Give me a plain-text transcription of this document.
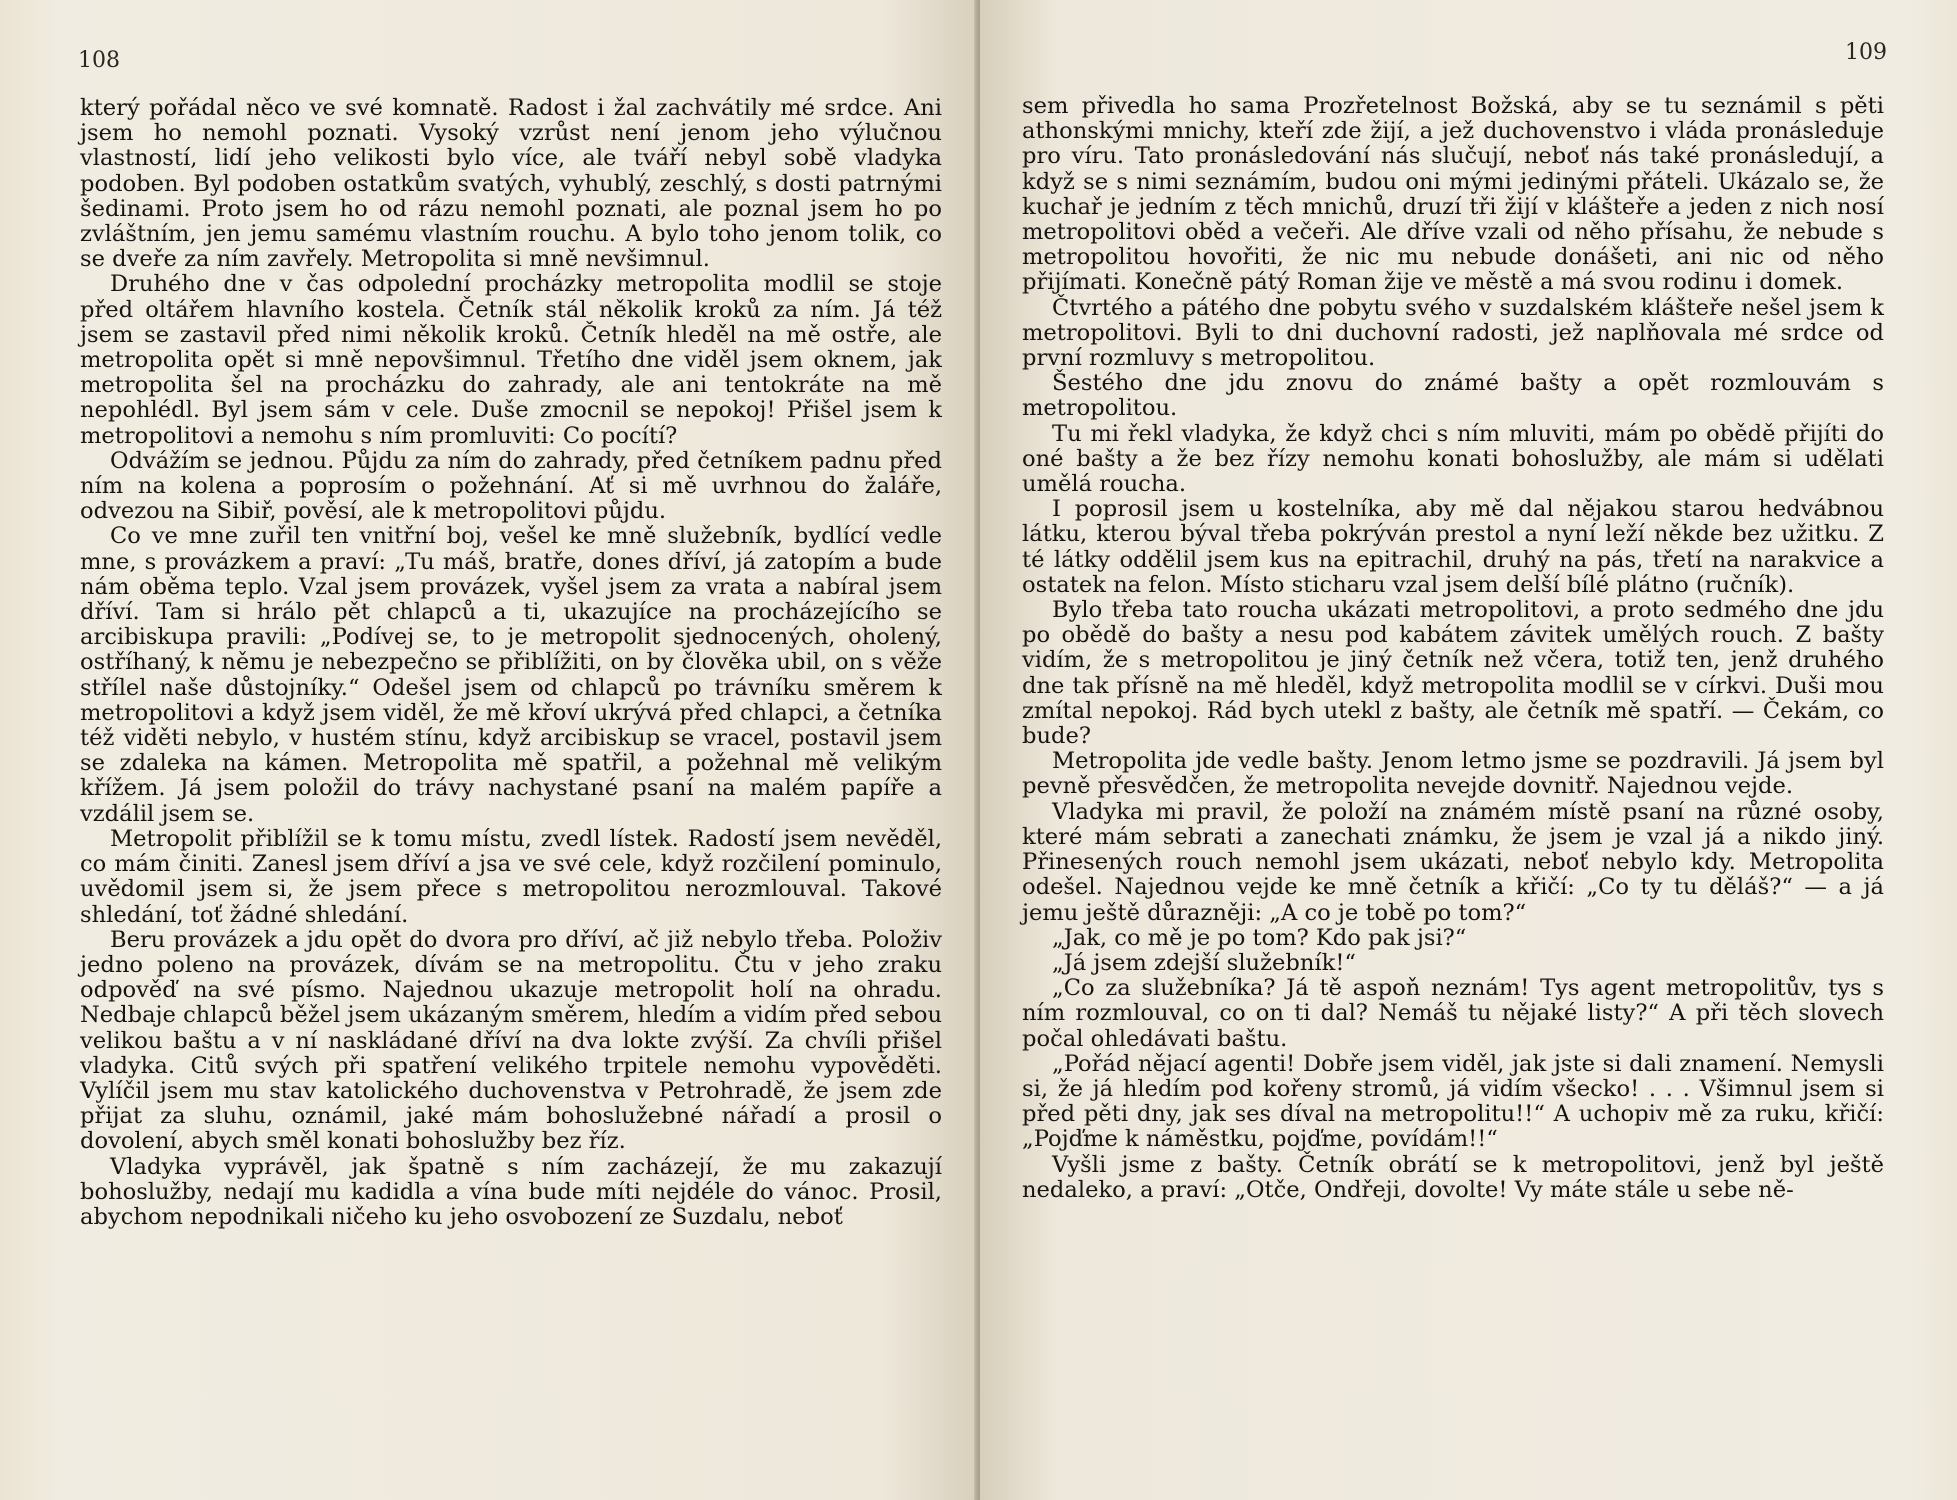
108

který pořádal něco ve své komnatě. Radost i žal zachvátily mé srdce. Ani jsem ho nemohl poznati. Vysoký vzrůst není jenom jeho výlučnou vlastností, lidí jeho velikosti bylo více, ale tváří nebyl sobě vladyka podoben. Byl podoben ostatkům svatých, vyhublý, zeschlý, s dosti patrnými šedinami. Proto jsem ho od rázu nemohl poznati, ale poznal jsem ho po zvláštním, jen jemu samému vlastním rouchu. A bylo toho jenom tolik, co se dveře za ním zavřely. Metropolita si mně nevšimnul.

Druhého dne v čas odpolední procházky metropolita modlil se stoje před oltářem hlavního kostela. Četník stál několik kroků za ním. Já též jsem se zastavil před nimi několik kroků. Četník hleděl na mě ostře, ale metropolita opět si mně nepovšimnul. Třetího dne viděl jsem oknem, jak metropolita šel na procházku do zahrady, ale ani tentokráte na mě nepohlédl. Byl jsem sám v cele. Duše zmocnil se nepokoj! Přišel jsem k metropolitovi a nemohu s ním promluviti: Co pocítí?

Odvážím se jednou. Půjdu za ním do zahrady, před četníkem padnu před ním na kolena a poprosím o požehnání. Ať si mě uvrhnou do žaláře, odvezou na Sibiř, pověsí, ale k metropolitovi půjdu.

Co ve mne zuřil ten vnitřní boj, vešel ke mně služebník, bydlící vedle mne, s provázkem a praví: „Tu máš, bratře, dones dříví, já zatopím a bude nám oběma teplo. Vzal jsem provázek, vyšel jsem za vrata a nabíral jsem dříví. Tam si hrálo pět chlapců a ti, ukazujíce na procházejícího se arcibiskupa pravili: „Podívej se, to je metropolit sjednocených, oholený, ostříhaný, k němu je nebezpečno se přiblížiti, on by člověka ubil, on s věže střílel naše důstojníky.“ Odešel jsem od chlapců po trávníku směrem k metropolitovi a když jsem viděl, že mě křoví ukrývá před chlapci, a četníka též viděti nebylo, v hustém stínu, když arcibiskup se vracel, postavil jsem se zdaleka na kámen. Metropolita mě spatřil, a požehnal mě velikým křížem. Já jsem položil do trávy nachystané psaní na malém papíře a vzdálil jsem se.

Metropolit přiblížil se k tomu místu, zvedl lístek. Radostí jsem nevěděl, co mám činiti. Zanesl jsem dříví a jsa ve své cele, když rozčilení pominulo, uvědomil jsem si, že jsem přece s metropolitou nerozmlouval. Takové shledání, toť žádné shledání.

Beru provázek a jdu opět do dvora pro dříví, ač již nebylo třeba. Položiv jedno poleno na provázek, dívám se na metropolitu. Čtu v jeho zraku odpověď na své písmo. Najednou ukazuje metropolit holí na ohradu. Nedbaje chlapců běžel jsem ukázaným směrem, hledím a vidím před sebou velikou baštu a v ní naskládané dříví na dva lokte zvýší. Za chvíli přišel vladyka. Citů svých při spatření velikého trpitele nemohu vypověděti. Vylíčil jsem mu stav katolického duchovenstva v Petrohradě, že jsem zde přijat za sluhu, oznámil, jaké mám bohoslužebné nářadí a prosil o dovolení, abych směl konati bohoslužby bez říz.

Vladyka vyprávěl, jak špatně s ním zacházejí, že mu zakazují bohoslužby, nedají mu kadidla a vína bude míti nejdéle do vánoc. Prosil, abychom nepodnikali ničeho ku jeho osvobození ze Suzdalu, neboť

109

sem přivedla ho sama Prozřetelnost Božská, aby se tu seznámil s pěti athonskými mnichy, kteří zde žijí, a jež duchovenstvo i vláda pronásleduje pro víru. Tato pronásledování nás slučují, neboť nás také pronásledují, a když se s nimi seznámím, budou oni mými jedinými přáteli. Ukázalo se, že kuchař je jedním z těch mnichů, druzí tři žijí v klášteře a jeden z nich nosí metropolitovi oběd a večeři. Ale dříve vzali od něho přísahu, že nebude s metropolitou hovořiti, že nic mu nebude donášeti, ani nic od něho přijímati. Konečně pátý Roman žije ve městě a má svou rodinu i domek.

Čtvrtého a pátého dne pobytu svého v suzdalském klášteře nešel jsem k metropolitovi. Byli to dni duchovní radosti, jež naplňovala mé srdce od první rozmluvy s metropolitou.

Šestého dne jdu znovu do známé bašty a opět rozmlouvám s metropolitou.

Tu mi řekl vladyka, že když chci s ním mluviti, mám po obědě přijíti do oné bašty a že bez řízy nemohu konati bohoslužby, ale mám si udělati umělá roucha.

I poprosil jsem u kostelníka, aby mě dal nějakou starou hedvábnou látku, kterou býval třeba pokrýván prestol a nyní leží někde bez užitku. Z té látky oddělil jsem kus na epitrachil, druhý na pás, třetí na narakvice a ostatek na felon. Místo sticharu vzal jsem delší bílé plátno (ručník).

Bylo třeba tato roucha ukázati metropolitovi, a proto sedmého dne jdu po obědě do bašty a nesu pod kabátem závitek umělých rouch. Z bašty vidím, že s metropolitou je jiný četník než včera, totiž ten, jenž druhého dne tak přísně na mě hleděl, když metropolita modlil se v církvi. Duši mou zmítal nepokoj. Rád bych utekl z bašty, ale četník mě spatří. — Čekám, co bude?

Metropolita jde vedle bašty. Jenom letmo jsme se pozdravili. Já jsem byl pevně přesvědčen, že metropolita nevejde dovnitř. Najednou vejde.

Vladyka mi pravil, že položí na známém místě psaní na různé osoby, které mám sebrati a zanechati známku, že jsem je vzal já a nikdo jiný. Přinesených rouch nemohl jsem ukázati, neboť nebylo kdy. Metropolita odešel. Najednou vejde ke mně četník a křičí: „Co ty tu děláš?“ — a já jemu ještě důrazněji: „A co je tobě po tom?“

„Jak, co mě je po tom? Kdo pak jsi?“

„Já jsem zdejší služebník!“

„Co za služebníka? Já tě aspoň neznám! Tys agent metropolitův, tys s ním rozmlouval, co on ti dal? Nemáš tu nějaké listy?“ A při těch slovech počal ohledávati baštu.

„Pořád nějací agenti! Dobře jsem viděl, jak jste si dali znamení. Nemysli si, že já hledím pod kořeny stromů, já vidím všecko! . . . Všimnul jsem si před pěti dny, jak ses díval na metropolitu!!“ A uchopiv mě za ruku, křičí: „Pojďme k náměstku, pojďme, povídám!!“

Vyšli jsme z bašty. Četník obrátí se k metropolitovi, jenž byl ještě nedaleko, a praví: „Otče, Ondřeji, dovolte! Vy máte stále u sebe ně-
